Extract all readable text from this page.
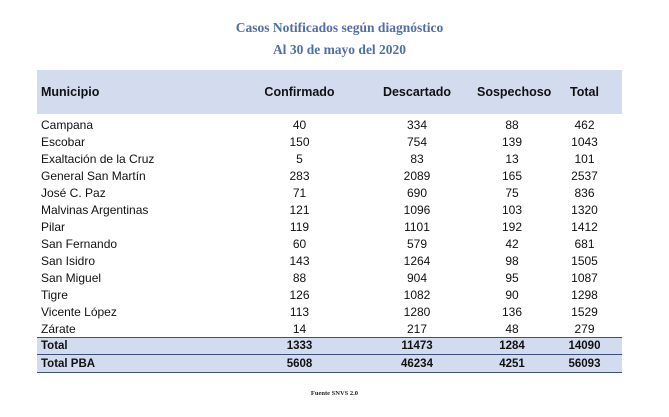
Casos Notificados según diagnóstico
Al 30 de mayo del 2020
Municipio	Confirmado	Descartado	Sospechoso	Total
Campana	40	334	88	462
Escobar	150	754	139	1043
Exaltación de la Cruz	5	83	13	101
General San Martín	283	2089	165	2537
José C. Paz	71	690	75	836
Malvinas Argentinas	121	1096	103	1320
Pilar	119	1101	192	1412
San Fernando	60	579	42	681
San Isidro	143	1264	98	1505
San Miguel	88	904	95	1087
Tigre	126	1082	90	1298
Vicente López	113	1280	136	1529
Zárate	14	217	48	279
Total	1333	11473	1284	14090
Total PBA	5608	46234	4251	56093
Fuente SNVS 2.0
